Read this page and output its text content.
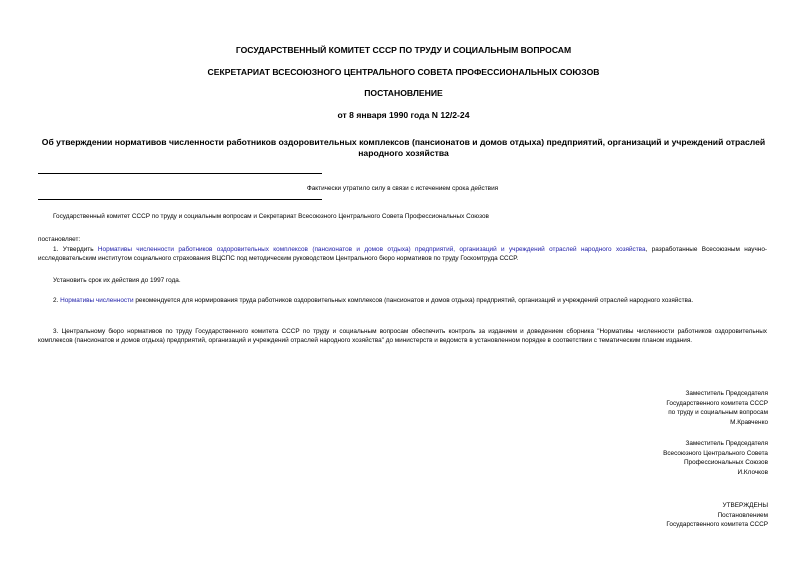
ГОСУДАРСТВЕННЫЙ КОМИТЕТ СССР ПО ТРУДУ И СОЦИАЛЬНЫМ ВОПРОСАМ
СЕКРЕТАРИАТ ВСЕСОЮЗНОГО ЦЕНТРАЛЬНОГО СОВЕТА ПРОФЕССИОНАЛЬНЫХ СОЮЗОВ
ПОСТАНОВЛЕНИЕ
от 8 января 1990 года N 12/2-24
Об утверждении нормативов численности работников оздоровительных комплексов (пансионатов и домов отдыха) предприятий, организаций и учреждений отраслей народного хозяйства
Фактически утратило силу в связи с истечением срока действия
Государственный комитет СССР по труду и социальным вопросам и Секретариат Всесоюзного Центрального Совета Профессиональных Союзов
постановляет:
1. Утвердить Нормативы численности работников оздоровительных комплексов (пансионатов и домов отдыха) предприятий, организаций и учреждений отраслей народного хозяйства, разработанные Всесоюзным научно-исследовательским институтом социального страхования ВЦСПС под методическим руководством Центрального бюро нормативов по труду Госкомтруда СССР.
Установить срок их действия до 1997 года.
2. Нормативы численности рекомендуется для нормирования труда работников оздоровительных комплексов (пансионатов и домов отдыха) предприятий, организаций и учреждений отраслей народного хозяйства.
3. Центральному бюро нормативов по труду Государственного комитета СССР по труду и социальным вопросам обеспечить контроль за изданием и доведением сборника "Нормативы численности работников оздоровительных комплексов (пансионатов и домов отдыха) предприятий, организаций и учреждений отраслей народного хозяйства" до министерств и ведомств в установленном порядке в соответствии с тематическим планом издания.
Заместитель Председателя
Государственного комитета СССР
по труду и социальным вопросам
М.Кравченко
Заместитель Председателя
Всесоюзного Центрального Совета
Профессиональных Союзов
И.Клочков
УТВЕРЖДЕНЫ
Постановлением
Государственного комитета СССР
